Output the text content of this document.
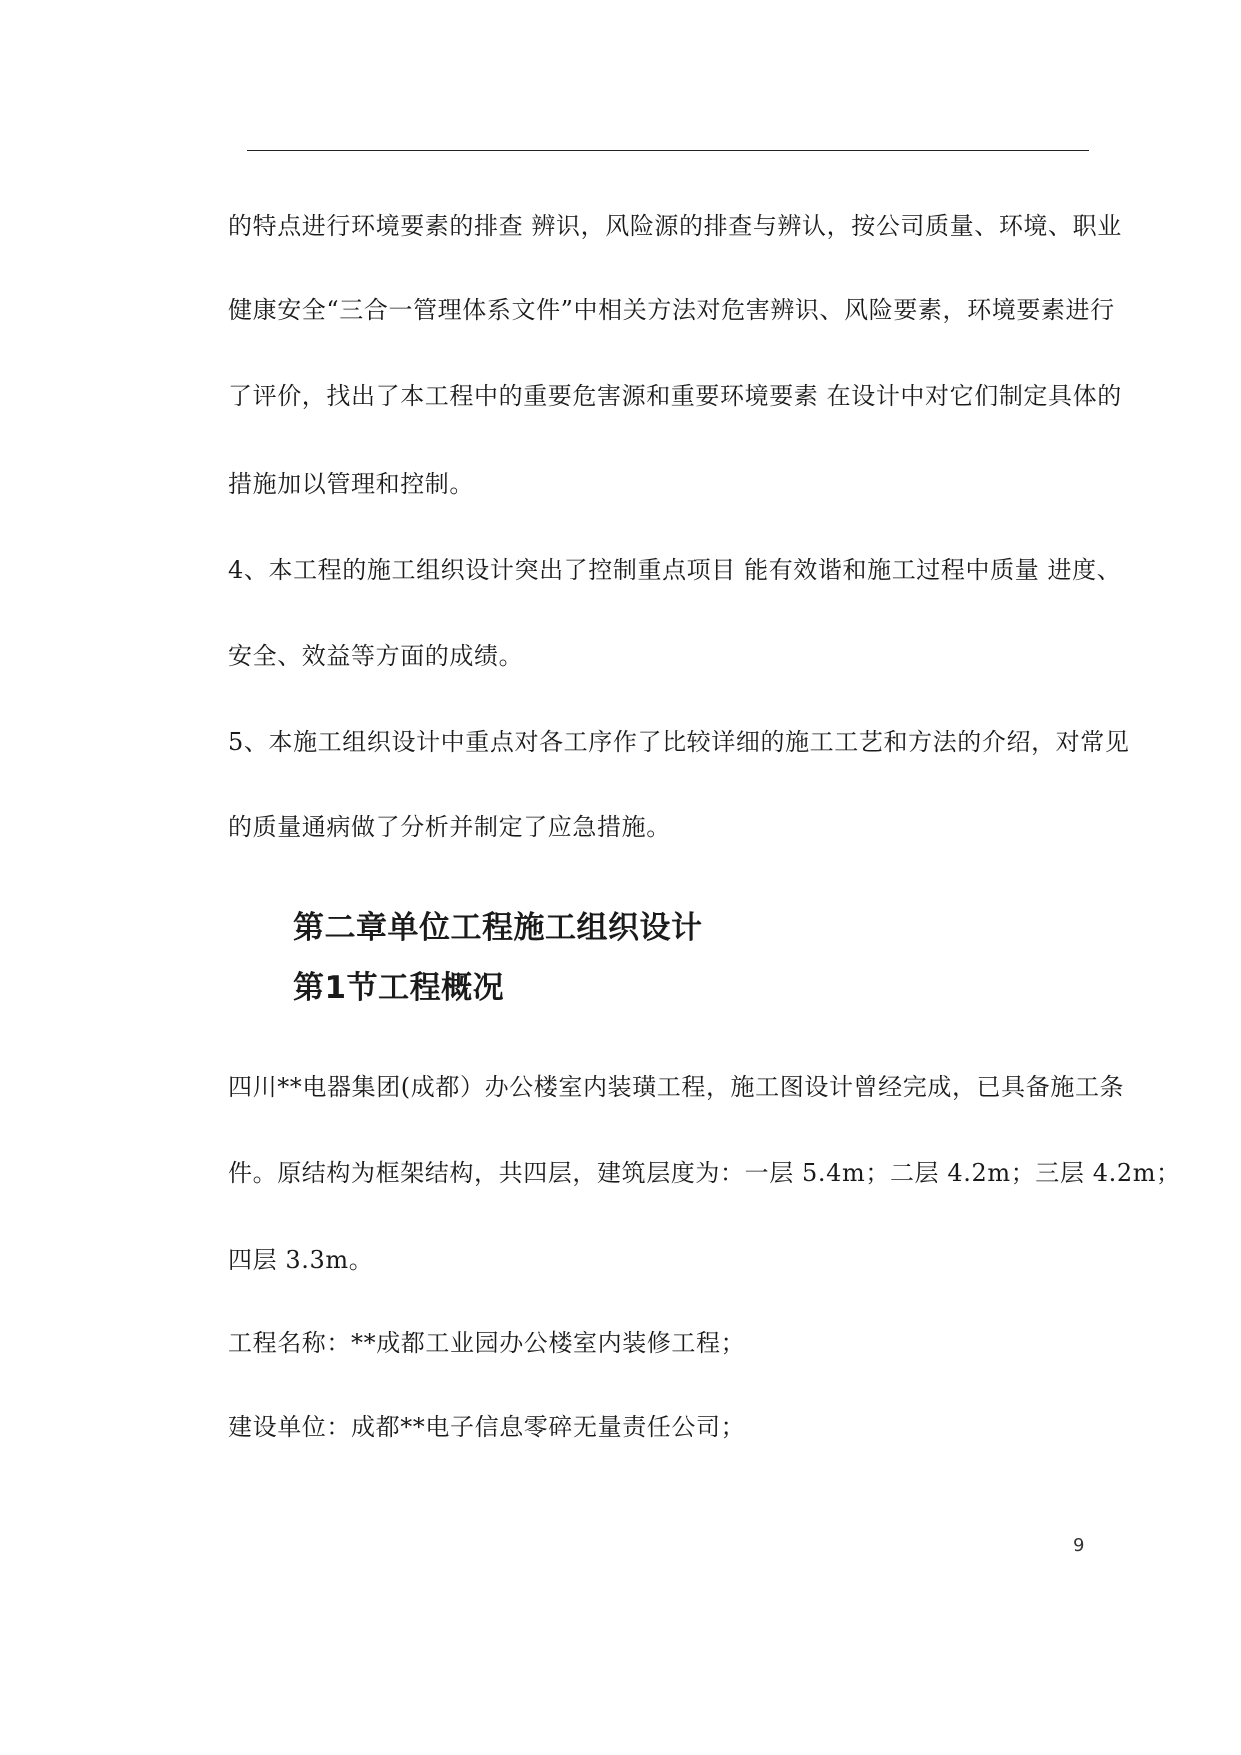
的特点进行环境要素的排查 辨识，风险源的排查与辨认，按公司质量、环境、职业
健康安全“三合一管理体系文件”中相关方法对危害辨识、风险要素，环境要素进行
了评价，找出了本工程中的重要危害源和重要环境要素 在设计中对它们制定具体的
措施加以管理和控制。
4、本工程的施工组织设计突出了控制重点项目 能有效谐和施工过程中质量 进度、
安全、效益等方面的成绩。
5、本施工组织设计中重点对各工序作了比较详细的施工工艺和方法的介绍，对常见
的质量通病做了分析并制定了应急措施。
第二章单位工程施工组织设计
第1节工程概况
四川**电器集团(成都）办公楼室内装璜工程，施工图设计曾经完成，已具备施工条
件。原结构为框架结构，共四层，建筑层度为：一层 5.4m；二层 4.2m；三层 4.2m；
四层 3.3m。
工程名称：**成都工业园办公楼室内装修工程；
建设单位：成都**电子信息零碎无量责任公司；
9
